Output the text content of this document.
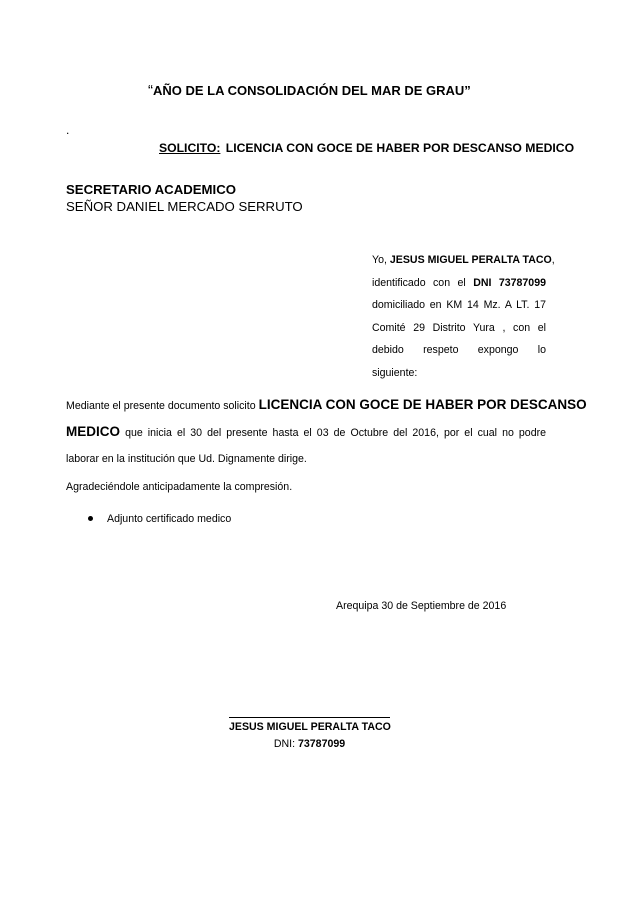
“AÑO DE LA CONSOLIDACIÓN DEL MAR DE GRAU”
.
SOLICITO: LICENCIA CON GOCE DE HABER POR DESCANSO MEDICO
SECRETARIO ACADEMICO
SEÑOR DANIEL MERCADO SERRUTO
Yo, JESUS MIGUEL PERALTA TACO,
identificado con el DNI 73787099
domiciliado en KM 14 Mz. A LT. 17
Comité 29 Distrito Yura , con el
debido respeto expongo lo
siguiente:
Mediante el presente documento solicito LICENCIA CON GOCE DE HABER POR DESCANSO
MEDICO que inicia el 30 del presente hasta el 03 de Octubre del 2016, por el cual no podre
laborar en la institución que Ud. Dignamente dirige.
Agradeciéndole anticipadamente la compresión.
Adjunto certificado medico
Arequipa 30 de Septiembre de 2016
JESUS MIGUEL PERALTA TACO
DNI: 73787099
